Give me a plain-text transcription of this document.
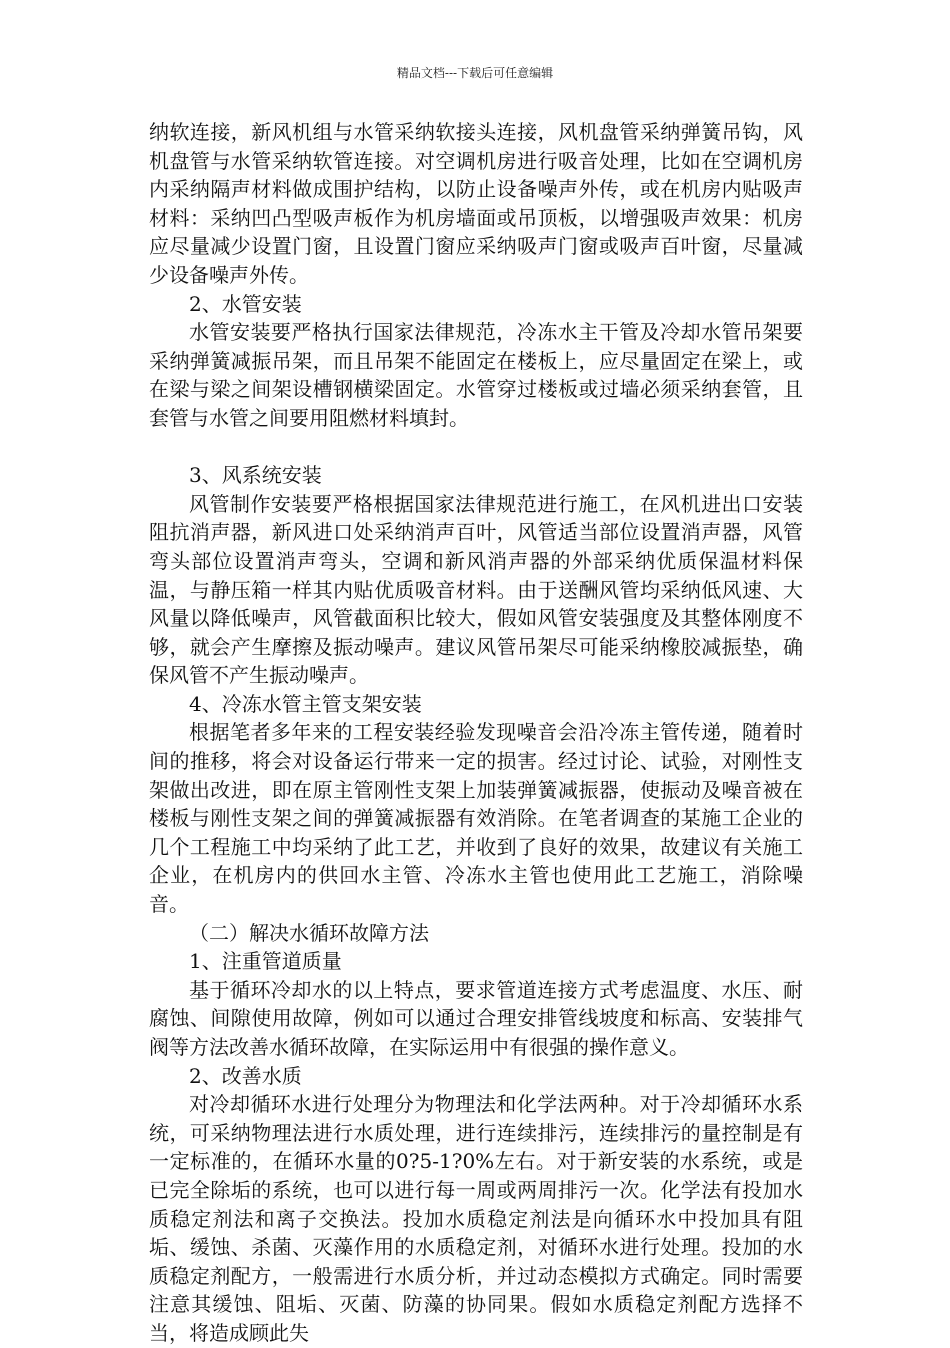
精品文档---下载后可任意编辑

纳软连接，新风机组与水管采纳软接头连接，风机盘管采纳弹簧吊钩，风机盘管与水管采纳软管连接。对空调机房进行吸音处理，比如在空调机房内采纳隔声材料做成围护结构，以防止设备噪声外传，或在机房内贴吸声材料：采纳凹凸型吸声板作为机房墙面或吊顶板，以增强吸声效果：机房应尽量减少设置门窗，且设置门窗应采纳吸声门窗或吸声百叶窗，尽量减少设备噪声外传。

2、水管安装

水管安装要严格执行国家法律规范，冷冻水主干管及冷却水管吊架要采纳弹簧减振吊架，而且吊架不能固定在楼板上，应尽量固定在梁上，或在梁与梁之间架设槽钢横梁固定。水管穿过楼板或过墙必须采纳套管，且套管与水管之间要用阻燃材料填封。

3、风系统安装

风管制作安装要严格根据国家法律规范进行施工，在风机进出口安装阻抗消声器，新风进口处采纳消声百叶，风管适当部位设置消声器，风管弯头部位设置消声弯头，空调和新风消声器的外部采纳优质保温材料保温，与静压箱一样其内贴优质吸音材料。由于送酬风管均采纳低风速、大风量以降低噪声，风管截面积比较大，假如风管安装强度及其整体刚度不够，就会产生摩擦及振动噪声。建议风管吊架尽可能采纳橡胶减振垫，确保风管不产生振动噪声。

4、冷冻水管主管支架安装

根据笔者多年来的工程安装经验发现噪音会沿冷冻主管传递，随着时间的推移，将会对设备运行带来一定的损害。经过讨论、试验，对刚性支架做出改进，即在原主管刚性支架上加装弹簧减振器，使振动及噪音被在楼板与刚性支架之间的弹簧减振器有效消除。在笔者调查的某施工企业的几个工程施工中均采纳了此工艺，并收到了良好的效果，故建议有关施工企业，在机房内的供回水主管、冷冻水主管也使用此工艺施工，消除噪音。

（二）解决水循环故障方法

1、注重管道质量

基于循环冷却水的以上特点，要求管道连接方式考虑温度、水压、耐腐蚀、间隙使用故障，例如可以通过合理安排管线坡度和标高、安装排气阀等方法改善水循环故障，在实际运用中有很强的操作意义。

2、改善水质

对冷却循环水进行处理分为物理法和化学法两种。对于冷却循环水系统，可采纳物理法进行水质处理，进行连续排污，连续排污的量控制是有一定标准的，在循环水量的0?5-1?0%左右。对于新安装的水系统，或是已完全除垢的系统，也可以进行每一周或两周排污一次。化学法有投加水质稳定剂法和离子交换法。投加水质稳定剂法是向循环水中投加具有阻垢、缓蚀、杀菌、灭藻作用的水质稳定剂，对循环水进行处理。投加的水质稳定剂配方，一般需进行水质分析，并过动态模拟方式确定。同时需要注意其缓蚀、阻垢、灭菌、防藻的协同果。假如水质稳定剂配方选择不当，将造成顾此失
